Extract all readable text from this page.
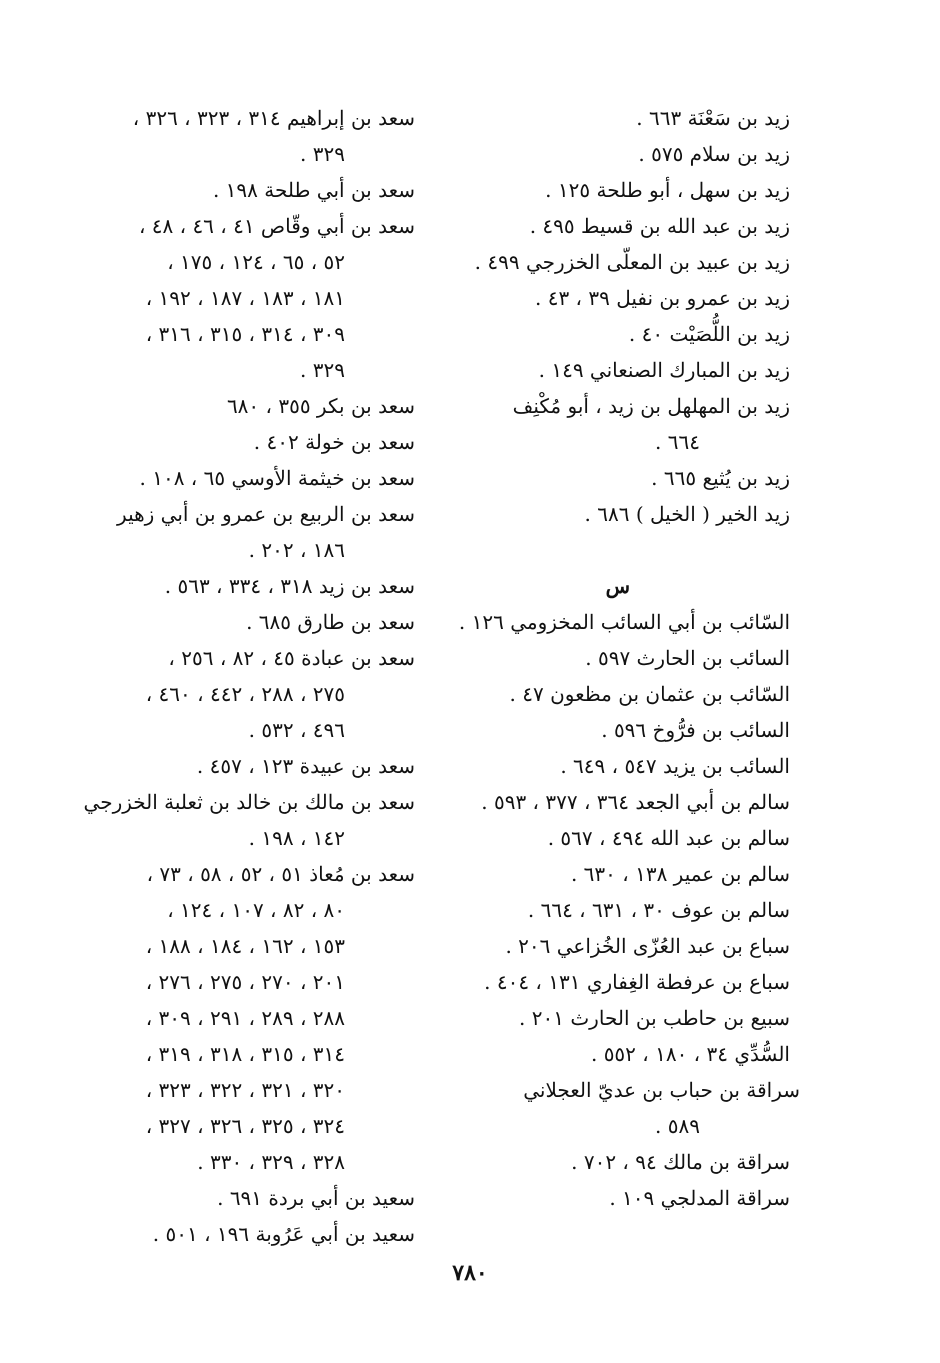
زيد بن سَعْنَة ٦٦٣ .
زيد بن سلام ٥٧٥ .
زيد بن سهل ، أبو طلحة ١٢٥ .
زيد بن عبد الله بن قسيط ٤٩٥ .
زيد بن عبيد بن المعلّى الخزرجي ٤٩٩ .
زيد بن عمرو بن نفيل ٣٩ ، ٤٣ .
زيد بن اللُّصَيْت ٤٠ .
زيد بن المبارك الصنعاني ١٤٩ .
زيد بن المهلهل بن زيد ، أبو مُكْنِف
٦٦٤ .
زيد بن يُثيع ٦٦٥ .
زيد الخير ( الخيل ) ٦٨٦ .
س
السّائب بن أبي السائب المخزومي ١٢٦ .
السائب بن الحارث ٥٩٧ .
السّائب بن عثمان بن مظعون ٤٧ .
السائب بن فرُّوخ ٥٩٦ .
السائب بن يزيد ٥٤٧ ، ٦٤٩ .
سالم بن أبي الجعد ٣٦٤ ، ٣٧٧ ، ٥٩٣ .
سالم بن عبد الله ٤٩٤ ، ٥٦٧ .
سالم بن عمير ١٣٨ ، ٦٣٠ .
سالم بن عوف ٣٠ ، ٦٣١ ، ٦٦٤ .
سباع بن عبد العُزّى الخُزاعي ٢٠٦ .
سباع بن عرفطة الغِفاري ١٣١ ، ٤٠٤ .
سبيع بن حاطب بن الحارث ٢٠١ .
السُّدِّي ٣٤ ، ١٨٠ ، ٥٥٢ .
سراقة بن حباب بن عديّ العجلاني
٥٨٩ .
سراقة بن مالك ٩٤ ، ٧٠٢ .
سراقة المدلجي ١٠٩ .
سعد بن إبراهيم ٣١٤ ، ٣٢٣ ، ٣٢٦ ،
٣٢٩ .
سعد بن أبي طلحة ١٩٨ .
سعد بن أبي وقّاص ٤١ ، ٤٦ ، ٤٨ ،
٥٢ ، ٦٥ ، ١٢٤ ، ١٧٥ ،
١٨١ ، ١٨٣ ، ١٨٧ ، ١٩٢ ،
٣٠٩ ، ٣١٤ ، ٣١٥ ، ٣١٦ ،
٣٢٩ .
سعد بن بكر ٣٥٥ ، ٦٨٠
سعد بن خولة ٤٠٢ .
سعد بن خيثمة الأوسي ٦٥ ، ١٠٨ .
سعد بن الربيع بن عمرو بن أبي زهير
١٨٦ ، ٢٠٢ .
سعد بن زيد ٣١٨ ، ٣٣٤ ، ٥٦٣ .
سعد بن طارق ٦٨٥ .
سعد بن عبادة ٤٥ ، ٨٢ ، ٢٥٦ ،
٢٧٥ ، ٢٨٨ ، ٤٤٢ ، ٤٦٠ ،
٤٩٦ ، ٥٣٢ .
سعد بن عبيدة ١٢٣ ، ٤٥٧ .
سعد بن مالك بن خالد بن ثعلبة الخزرجي
١٤٢ ، ١٩٨ .
سعد بن مُعاذ ٥١ ، ٥٢ ، ٥٨ ، ٧٣ ،
٨٠ ، ٨٢ ، ١٠٧ ، ١٢٤ ،
١٥٣ ، ١٦٢ ، ١٨٤ ، ١٨٨ ،
٢٠١ ، ٢٧٠ ، ٢٧٥ ، ٢٧٦ ،
٢٨٨ ، ٢٨٩ ، ٢٩١ ، ٣٠٩ ،
٣١٤ ، ٣١٥ ، ٣١٨ ، ٣١٩ ،
٣٢٠ ، ٣٢١ ، ٣٢٢ ، ٣٢٣ ،
٣٢٤ ، ٣٢٥ ، ٣٢٦ ، ٣٢٧ ،
٣٢٨ ، ٣٢٩ ، ٣٣٠ .
سعيد بن أبي بردة ٦٩١ .
سعيد بن أبي عَرُوبة ١٩٦ ، ٥٠١ .
٧٨٠
